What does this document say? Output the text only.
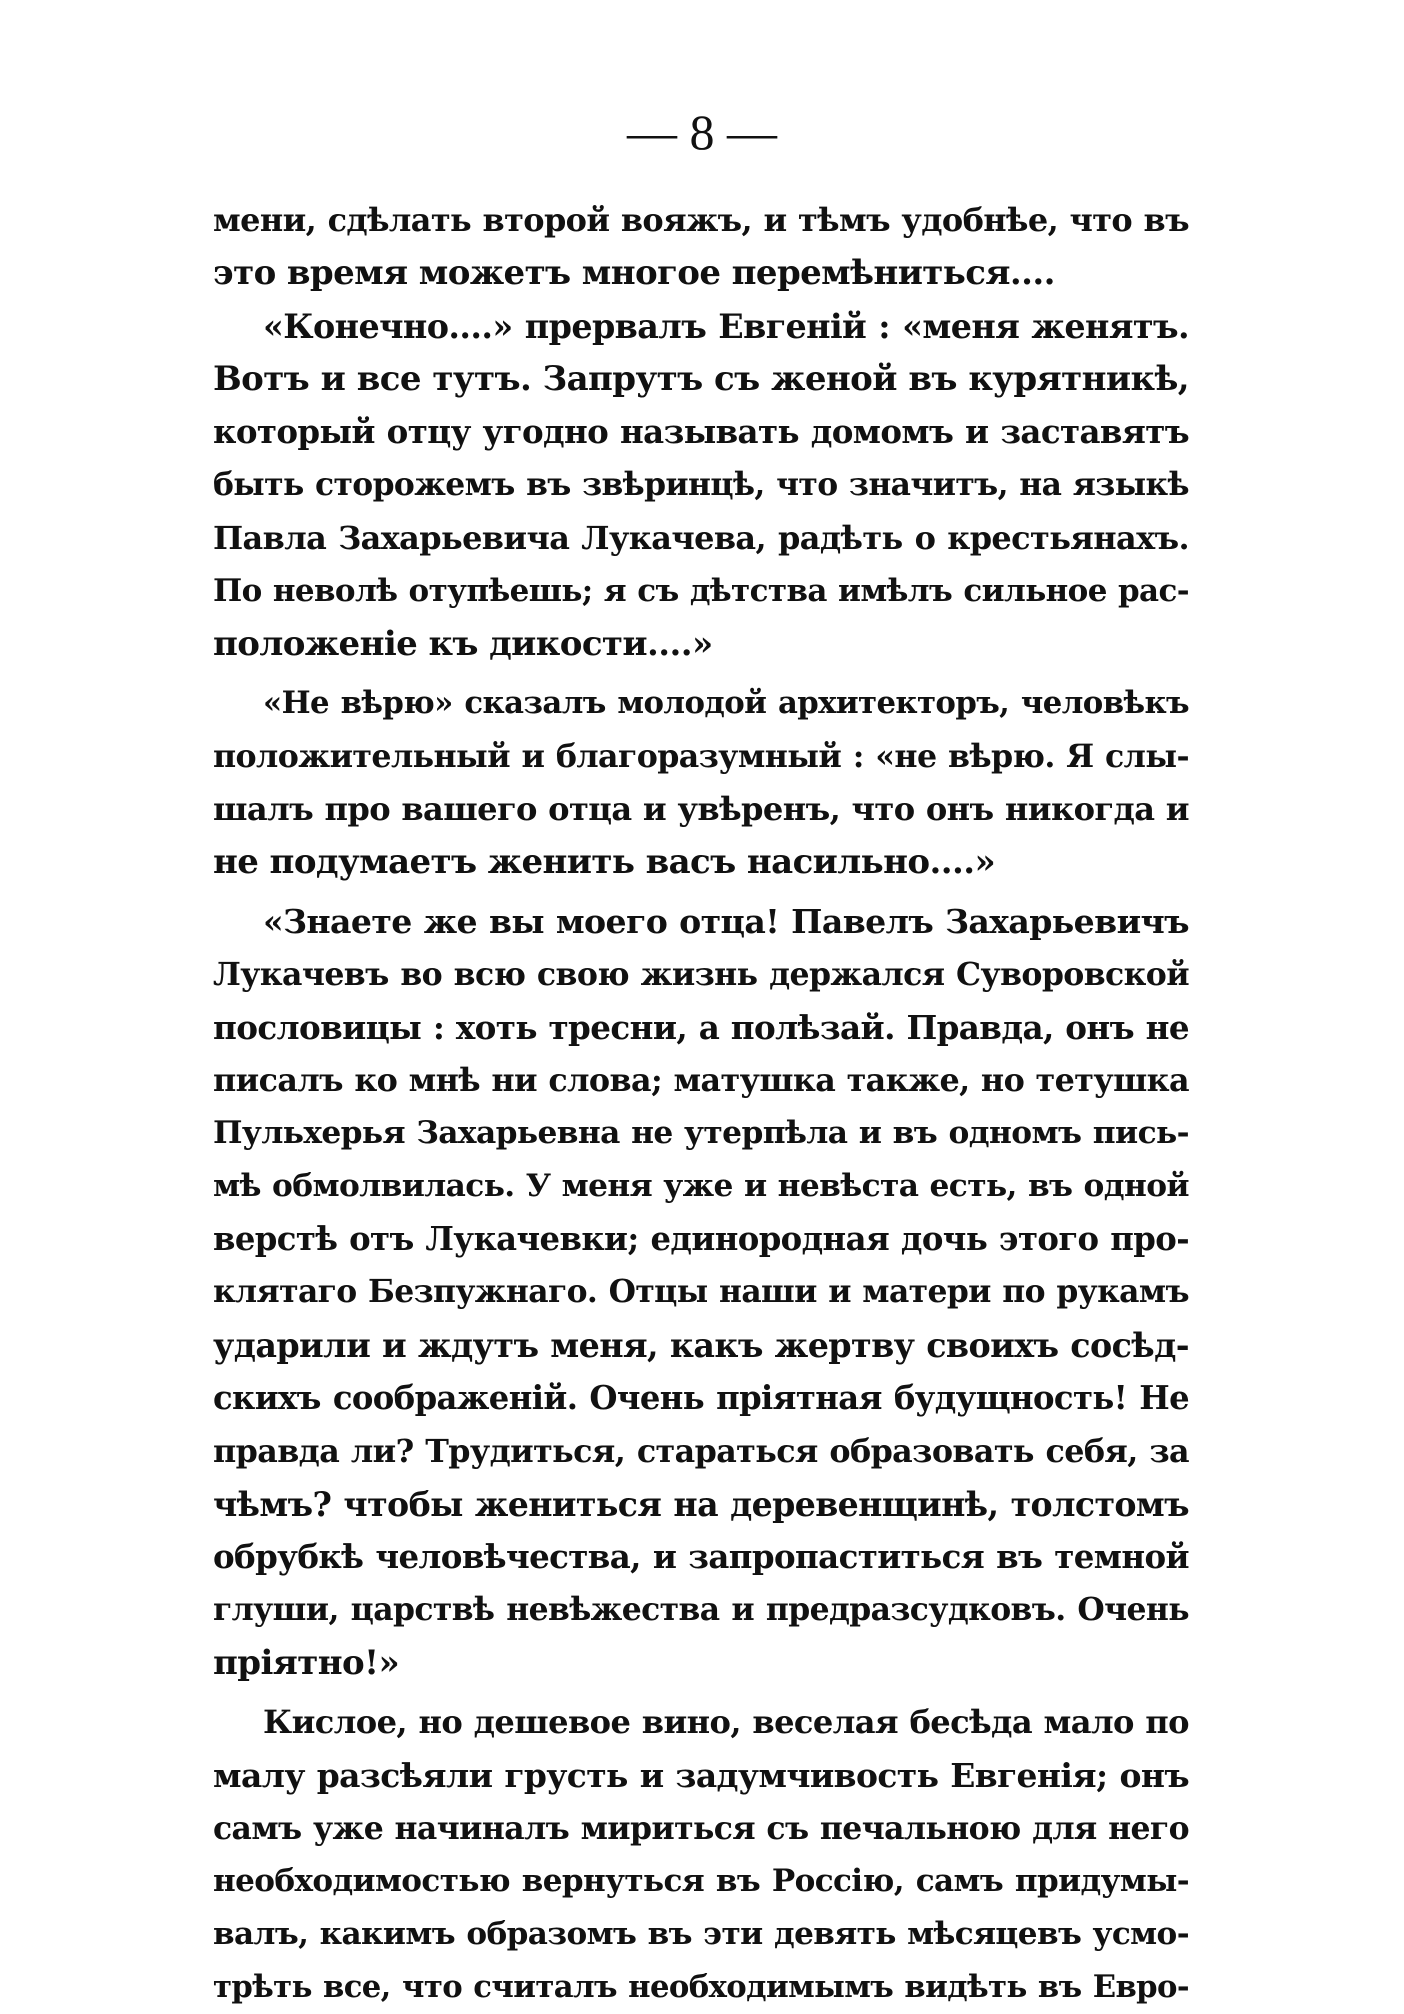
— 8 —
мени, сдѣлать второй вояжъ, и тѣмъ удобнѣе, что въ
это время можетъ многое перемѣниться....
«Конечно....» прервалъ Евгеній : «меня женятъ.
Вотъ и все тутъ. Запрутъ съ женой въ курятникѣ,
который отцу угодно называть домомъ и заставятъ
быть сторожемъ въ звѣринцѣ, что значитъ, на языкѣ
Павла Захарьевича Лукачева, радѣть о крестьянахъ.
По неволѣ отупѣешь; я съ дѣтства имѣлъ сильное рас-
положеніе къ дикости....»
«Не вѣрю» сказалъ молодой архитекторъ, человѣкъ
положительный и благоразумный : «не вѣрю. Я слы-
шалъ про вашего отца и увѣренъ, что онъ никогда и
не подумаетъ женить васъ насильно....»
«Знаете же вы моего отца! Павелъ Захарьевичъ
Лукачевъ во всю свою жизнь держался Суворовской
пословицы : хоть тресни, а полѣзай. Правда, онъ не
писалъ ко мнѣ ни слова; матушка также, но тетушка
Пульхерья Захарьевна не утерпѣла и въ одномъ пись-
мѣ обмолвилась. У меня уже и невѣста есть, въ одной
верстѣ отъ Лукачевки; единородная дочь этого про-
клятаго Безпужнаго. Отцы наши и матери по рукамъ
ударили и ждутъ меня, какъ жертву своихъ сосѣд-
скихъ соображеній. Очень пріятная будущность! Не
правда ли? Трудиться, стараться образовать себя, за
чѣмъ? чтобы жениться на деревенщинѣ, толстомъ
обрубкѣ человѣчества, и запропаститься въ темной
глуши, царствѣ невѣжества и предразсудковъ. Очень
пріятно!»
Кислое, но дешевое вино, веселая бесѣда мало по
малу разсѣяли грусть и задумчивость Евгенія; онъ
самъ уже начиналъ мириться съ печальною для него
необходимостью вернуться въ Россію, самъ придумы-
валъ, какимъ образомъ въ эти девять мѣсяцевъ усмо-
трѣть все, что считалъ необходимымъ видѣть въ Евро-
